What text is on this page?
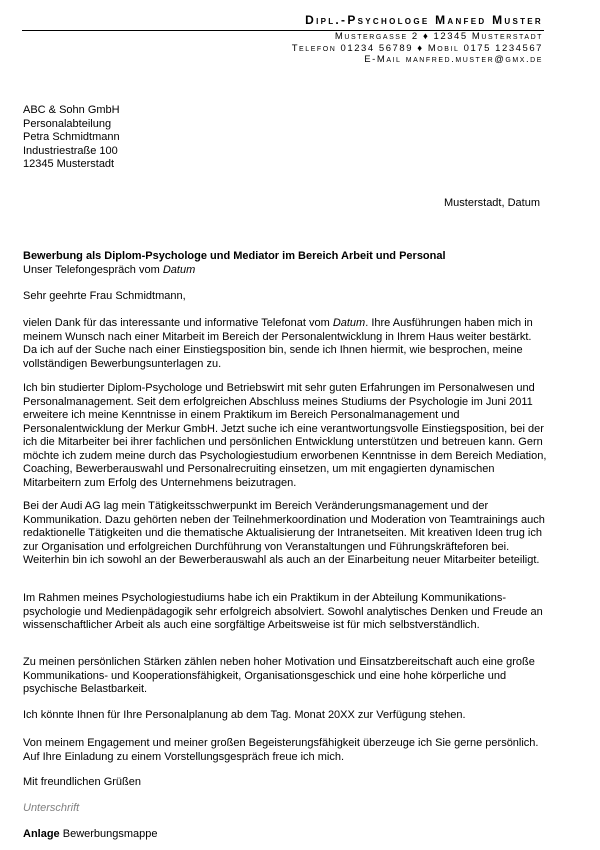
Dipl.-Psychologe Manfed Muster
Mustergasse 2 ♦ 12345 Musterstadt
Telefon 01234 56789 ♦ Mobil 0175 1234567
E-Mail manfred.muster@gmx.de
ABC & Sohn GmbH
Personalabteilung
Petra Schmidtmann
Industriestraße 100
12345 Musterstadt
Musterstadt, Datum
Bewerbung als Diplom-Psychologe und Mediator im Bereich Arbeit und Personal
Unser Telefongespräch vom Datum
Sehr geehrte Frau Schmidtmann,

vielen Dank für das interessante und informative Telefonat vom Datum. Ihre Ausführungen haben mich in meinem Wunsch nach einer Mitarbeit im Bereich der Personalentwicklung in Ihrem Haus weiter bestärkt. Da ich auf der Suche nach einer Einstiegsposition bin, sende ich Ihnen hiermit, wie besprochen, meine vollständigen Bewerbungsunterlagen zu.

Ich bin studierter Diplom-Psychologe und Betriebswirt mit sehr guten Erfahrungen im Personalwesen und Personalmanagement. Seit dem erfolgreichen Abschluss meines Studiums der Psychologie im Juni 2011 erweitere ich meine Kenntnisse in einem Praktikum im Bereich Personalmanagement und Personalentwicklung der Merkur GmbH. Jetzt suche ich eine verantwortungsvolle Einstiegsposition, bei der ich die Mitarbeiter bei ihrer fachlichen und persönlichen Entwicklung unterstützen und betreuen kann. Gern möchte ich zudem meine durch das Psychologiestudium erworbenen Kenntnisse in dem Bereich Mediation, Coaching, Bewerberauswahl und Personalrecruiting einsetzen, um mit engagierten dynamischen Mitarbeitern zum Erfolg des Unternehmens beizutragen.

Bei der Audi AG lag mein Tätigkeitsschwerpunkt im Bereich Veränderungsmanagement und der Kommunikation. Dazu gehörten neben der Teilnehmerkoordination und Moderation von Teamtrainings auch redaktionelle Tätigkeiten und die thematische Aktualisierung der Intranetseiten. Mit kreativen Ideen trug ich zur Organisation und erfolgreichen Durchführung von Veranstaltungen und Führungskräfteforen bei. Weiterhin bin ich sowohl an der Bewerberauswahl als auch an der Einarbeitung neuer Mitarbeiter beteiligt.

Im Rahmen meines Psychologiestudiums habe ich ein Praktikum in der Abteilung Kommunikations-psychologie und Medienpädagogik sehr erfolgreich absolviert. Sowohl analytisches Denken und Freude an wissenschaftlicher Arbeit als auch eine sorgfältige Arbeitsweise ist für mich selbstverständlich.

Zu meinen persönlichen Stärken zählen neben hoher Motivation und Einsatzbereitschaft auch eine große Kommunikations- und Kooperationsfähigkeit, Organisationsgeschick und eine hohe körperliche und psychische Belastbarkeit.

Ich könnte Ihnen für Ihre Personalplanung ab dem Tag. Monat 20XX zur Verfügung stehen.

Von meinem Engagement und meiner großen Begeisterungsfähigkeit überzeuge ich Sie gerne persönlich. Auf Ihre Einladung zu einem Vorstellungsgespräch freue ich mich.

Mit freundlichen Grüßen
Unterschrift
Anlage Bewerbungsmappe
